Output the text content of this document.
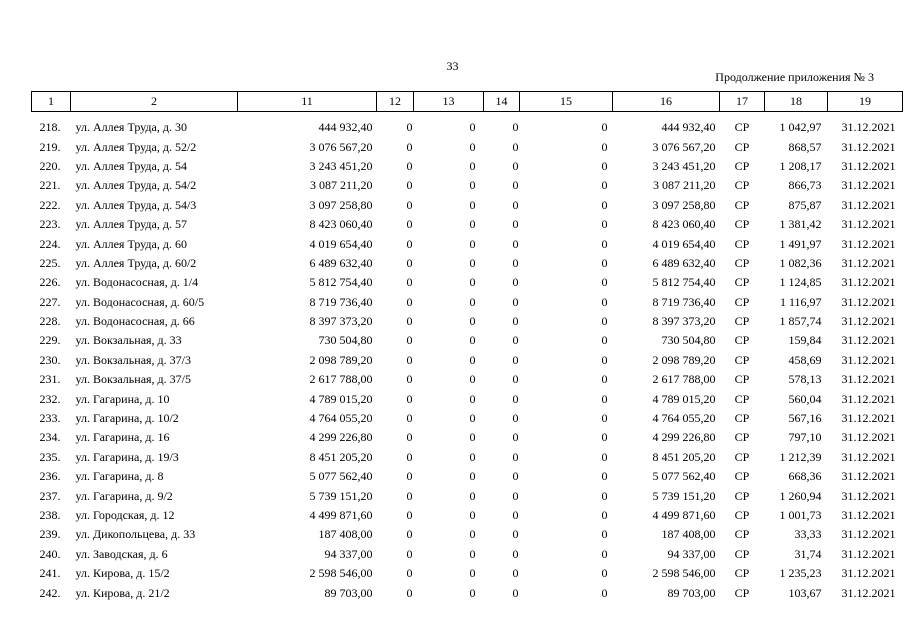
33
Продолжение приложения № 3
1	2	11	12	13	14	15	16	17	18	19
218.	ул. Аллея Труда, д. 30	444 932,40	0	0	0	0	444 932,40	СР	1 042,97	31.12.2021
219.	ул. Аллея Труда, д. 52/2	3 076 567,20	0	0	0	0	3 076 567,20	СР	868,57	31.12.2021
220.	ул. Аллея Труда, д. 54	3 243 451,20	0	0	0	0	3 243 451,20	СР	1 208,17	31.12.2021
221.	ул. Аллея Труда, д. 54/2	3 087 211,20	0	0	0	0	3 087 211,20	СР	866,73	31.12.2021
222.	ул. Аллея Труда, д. 54/3	3 097 258,80	0	0	0	0	3 097 258,80	СР	875,87	31.12.2021
223.	ул. Аллея Труда, д. 57	8 423 060,40	0	0	0	0	8 423 060,40	СР	1 381,42	31.12.2021
224.	ул. Аллея Труда, д. 60	4 019 654,40	0	0	0	0	4 019 654,40	СР	1 491,97	31.12.2021
225.	ул. Аллея Труда, д. 60/2	6 489 632,40	0	0	0	0	6 489 632,40	СР	1 082,36	31.12.2021
226.	ул. Водонасосная, д. 1/4	5 812 754,40	0	0	0	0	5 812 754,40	СР	1 124,85	31.12.2021
227.	ул. Водонасосная, д. 60/5	8 719 736,40	0	0	0	0	8 719 736,40	СР	1 116,97	31.12.2021
228.	ул. Водонасосная, д. 66	8 397 373,20	0	0	0	0	8 397 373,20	СР	1 857,74	31.12.2021
229.	ул. Вокзальная, д. 33	730 504,80	0	0	0	0	730 504,80	СР	159,84	31.12.2021
230.	ул. Вокзальная, д. 37/3	2 098 789,20	0	0	0	0	2 098 789,20	СР	458,69	31.12.2021
231.	ул. Вокзальная, д. 37/5	2 617 788,00	0	0	0	0	2 617 788,00	СР	578,13	31.12.2021
232.	ул. Гагарина, д. 10	4 789 015,20	0	0	0	0	4 789 015,20	СР	560,04	31.12.2021
233.	ул. Гагарина, д. 10/2	4 764 055,20	0	0	0	0	4 764 055,20	СР	567,16	31.12.2021
234.	ул. Гагарина, д. 16	4 299 226,80	0	0	0	0	4 299 226,80	СР	797,10	31.12.2021
235.	ул. Гагарина, д. 19/3	8 451 205,20	0	0	0	0	8 451 205,20	СР	1 212,39	31.12.2021
236.	ул. Гагарина, д. 8	5 077 562,40	0	0	0	0	5 077 562,40	СР	668,36	31.12.2021
237.	ул. Гагарина, д. 9/2	5 739 151,20	0	0	0	0	5 739 151,20	СР	1 260,94	31.12.2021
238.	ул. Городская, д. 12	4 499 871,60	0	0	0	0	4 499 871,60	СР	1 001,73	31.12.2021
239.	ул. Дикопольцева, д. 33	187 408,00	0	0	0	0	187 408,00	СР	33,33	31.12.2021
240.	ул. Заводская, д. 6	94 337,00	0	0	0	0	94 337,00	СР	31,74	31.12.2021
241.	ул. Кирова, д. 15/2	2 598 546,00	0	0	0	0	2 598 546,00	СР	1 235,23	31.12.2021
242.	ул. Кирова, д. 21/2	89 703,00	0	0	0	0	89 703,00	СР	103,67	31.12.2021
